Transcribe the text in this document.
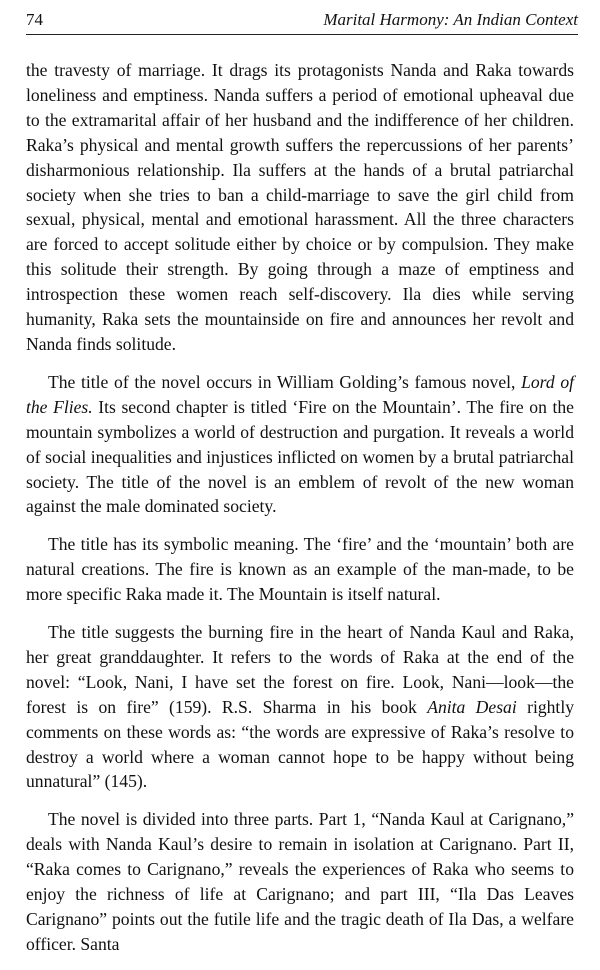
74	Marital Harmony: An Indian Context

the travesty of marriage. It drags its protagonists Nanda and Raka towards loneliness and emptiness. Nanda suffers a period of emotional upheaval due to the extramarital affair of her husband and the indifference of her children. Raka’s physical and mental growth suffers the repercussions of her parents’ disharmonious relationship. Ila suffers at the hands of a brutal patriarchal society when she tries to ban a child-marriage to save the girl child from sexual, physical, mental and emotional harassment. All the three characters are forced to accept solitude either by choice or by compulsion. They make this solitude their strength. By going through a maze of emptiness and introspection these women reach self-discovery. Ila dies while serving humanity, Raka sets the mountainside on fire and announces her revolt and Nanda finds solitude.

The title of the novel occurs in William Golding’s famous novel, Lord of the Flies. Its second chapter is titled ‘Fire on the Mountain’. The fire on the mountain symbolizes a world of destruction and purgation. It reveals a world of social inequalities and injustices inflicted on women by a brutal patriarchal society. The title of the novel is an emblem of revolt of the new woman against the male dominated society.

The title has its symbolic meaning. The ‘fire’ and the ‘mountain’ both are natural creations. The fire is known as an example of the man-made, to be more specific Raka made it. The Mountain is itself natural.

The title suggests the burning fire in the heart of Nanda Kaul and Raka, her great granddaughter. It refers to the words of Raka at the end of the novel: “Look, Nani, I have set the forest on fire. Look, Nani—look—the forest is on fire” (159). R.S. Sharma in his book Anita Desai rightly comments on these words as: “the words are expressive of Raka’s resolve to destroy a world where a woman cannot hope to be happy without being unnatural” (145).

The novel is divided into three parts. Part 1, “Nanda Kaul at Carignano,” deals with Nanda Kaul’s desire to remain in isolation at Carignano. Part II, “Raka comes to Carignano,” reveals the experiences of Raka who seems to enjoy the richness of life at Carignano; and part III, “Ila Das Leaves Carignano” points out the futile life and the tragic death of Ila Das, a welfare officer. Santa
